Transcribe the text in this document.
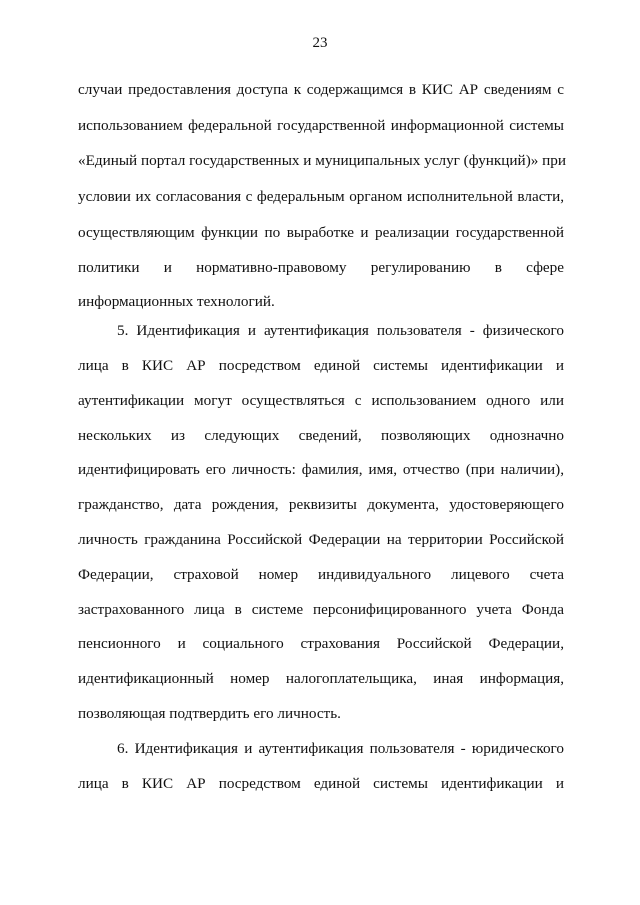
23
случаи предоставления доступа к содержащимся в КИС АР сведениям с
использованием федеральной государственной информационной системы
«Единый портал государственных и муниципальных услуг (функций)» при
условии их согласования с федеральным органом исполнительной власти,
осуществляющим функции по выработке и реализации государственной
политики и нормативно-правовому регулированию в сфере
информационных технологий.
5. Идентификация и аутентификация пользователя - физического
лица в КИС АР посредством единой системы идентификации и
аутентификации могут осуществляться с использованием одного или
нескольких из следующих сведений, позволяющих однозначно
идентифицировать его личность: фамилия, имя, отчество (при наличии),
гражданство, дата рождения, реквизиты документа, удостоверяющего
личность гражданина Российской Федерации на территории Российской
Федерации, страховой номер индивидуального лицевого счета
застрахованного лица в системе персонифицированного учета Фонда
пенсионного и социального страхования Российской Федерации,
идентификационный номер налогоплательщика, иная информация,
позволяющая подтвердить его личность.
6. Идентификация и аутентификация пользователя - юридического
лица в КИС АР посредством единой системы идентификации и
